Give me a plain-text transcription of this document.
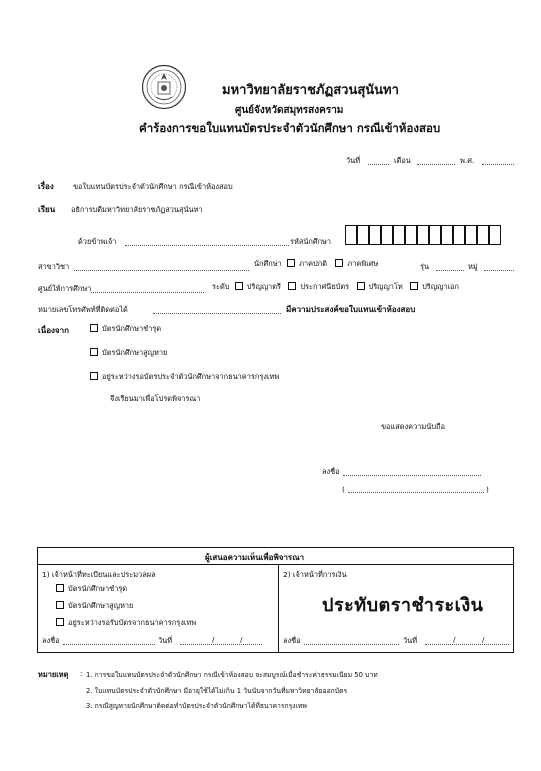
มหาวิทยาลัยราชภัฏสวนสุนันทา
ศูนย์จังหวัดสมุทรสงคราม
คำร้องการขอใบแทนบัตรประจำตัวนักศึกษา กรณีเข้าห้องสอบ
วันที่	เดือน	พ.ศ.
เรื่อง	ขอใบแทนบัตรประจำตัวนักศึกษา กรณีเข้าห้องสอบ
เรียน อธิการบดีมหาวิทยาลัยราชภัฏสวนสุนันทา
ด้วยข้าพเจ้า	รหัสนักศึกษา
สาขาวิชา	นักศึกษา ภาคปกติ	ภาคพิเศษ	รุ่น	หมู่
ศูนย์ให้การศึกษา	ระดับ ปริญญาตรี	ประกาศนียบัตร	ปริญญาโท	ปริญญาเอก
หมายเลขโทรศัพท์ที่ติดต่อได้	มีความประสงค์ขอใบแทนเข้าห้องสอบ
เนื่องจาก	บัตรนักศึกษาชำรุด
บัตรนักศึกษาสูญหาย
อยู่ระหว่างรอบัตรประจำตัวนักศึกษาจากธนาคารกรุงเทพ
จึงเรียนมาเพื่อโปรดพิจารณา
ขอแสดงความนับถือ
ลงชื่อ
(	)
ผู้เสนอความเห็นเพื่อพิจารณา
1) เจ้าหน้าที่ทะเบียนและประมวลผล
บัตรนักศึกษาชำรุด
บัตรนักศึกษาสูญหาย
อยู่ระหว่างรอรับบัตรจากธนาคารกรุงเทพ
ลงชื่อ	วันที่	/	/
2) เจ้าหน้าที่การเงิน
ประทับตราชำระเงิน
ลงชื่อ	วันที่	/	/
หมายเหตุ : 1. การขอใบแทนบัตรประจำตัวนักศึกษา กรณีเข้าห้องสอบ จะสมบูรณ์เมื่อชำระค่าธรรมเนียม 50 บาท
2. ใบแทนบัตรประจำตัวนักศึกษา มีอายุใช้ได้ไม่เกิน 1 วันนับจากวันที่มหาวิทยาลัยออกบัตร
3. กรณีสูญหายนักศึกษาติดต่อทำบัตรประจำตัวนักศึกษาได้ที่ธนาคารกรุงเทพ
